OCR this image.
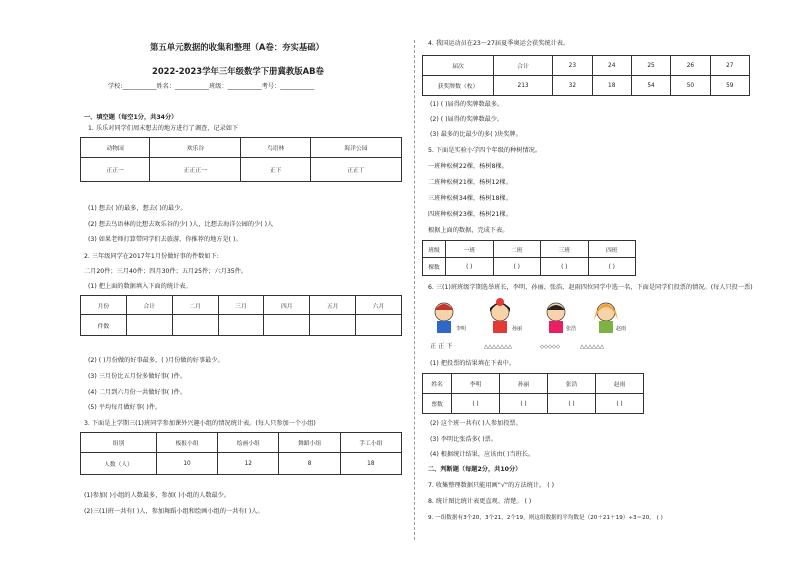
第五单元数据的收集和整理（A卷：夯实基础）
2022-2023学年三年级数学下册冀教版AB卷
学校:___________姓名：___________班级：___________考号：___________
一、填空题（每空1分，共34分）
1. 乐乐对同学们周末想去的地方进行了调查，记录如下
动物园	欢乐谷	鸟语林	海洋公园
正正一	正正正一	正下	正正丅
(1) 想去( )的最多，想去( )的最少。
(2) 想去鸟语林的比想去欢乐谷的少( )人，比想去海洋公园的少( )人
(3) 如果老师打算带同学们去旅游，你推荐的地方是( )。
2. 三年级同学在2017年1月份做好事的件数如下:
二月20件；三月40件；四月30件；五月25件；六月35件。
(1) 把上面的数据填入下面的统计表。
月份	合计	二月	三月	四月	五月	六月
件数						
(2) ( )月份做的好事最多，( )月份做的好事最少。
(3) 三月份比五月份多做好事( )件。
(4) 二月到六月份一共做好事( )件。
(5) 平均每月做好事( )件。
3. 下面是上学期三(1)班同学参加课外兴趣小组的情况统计表。(每人只参加一个小组)
组别	板报小组	绘画小组	舞蹈小组	手工小组
人数（人）	10	12	8	18
(1)参加( )小组的人数最多，参加( )小组的人数最少。
(2)三(1)班一共有( )人，参加舞蹈小组和绘画小组的一共有( )人。
4. 我国运动员在23～27届夏季奥运会获奖统计表。
届次	合计	23	24	25	26	27
获奖牌数（枚）	213	32	18	54	50	59
(1) ( )届得的奖牌数最多。
(2) ( )届得的奖牌数最少。
(3) 最多的比最少的多( )块奖牌。
5. 下面是实验小学四个年级的种树情况。
一班种松树22棵，杨树8棵。
二班种松树21棵，杨树12棵。
三班种松树34棵，杨树18棵。
四班种松树23棵，杨树21棵。
根据上面的数据，完成下表。
班级	一班	二班	三班	四班
棵数	( )	( )	( )	( )
6. 三(1)班班级学期选举班长，李明、孙丽、张浩、赵雨四位同学中选一名，下面是同学们投票的情况。(每人只投一票)
李明	孙丽	张浩	赵雨
正 正 下	△△△△△△△	◇◇◇◇◇	△△△△△△
(1) 把投票的结果填在下表中。
姓名	李明	孙丽	张浩	赵雨
票数	( )	( )	( )	( )
(2) 这个班一共有( )人参加投票。
(3) 李明比张浩多( )票。
(4) 根据统计结果，应该由( )当班长。
二、判断题（每题2分，共10分）
7. 收集整理数据只能用画“√”的方法统计。 ( )
8. 统计图比统计表更直观、清楚。 ( )
9. 一组数据有3个20，3个21，2个19，则这组数据的平均数是（20＋21＋19）÷3＝20。 ( )
